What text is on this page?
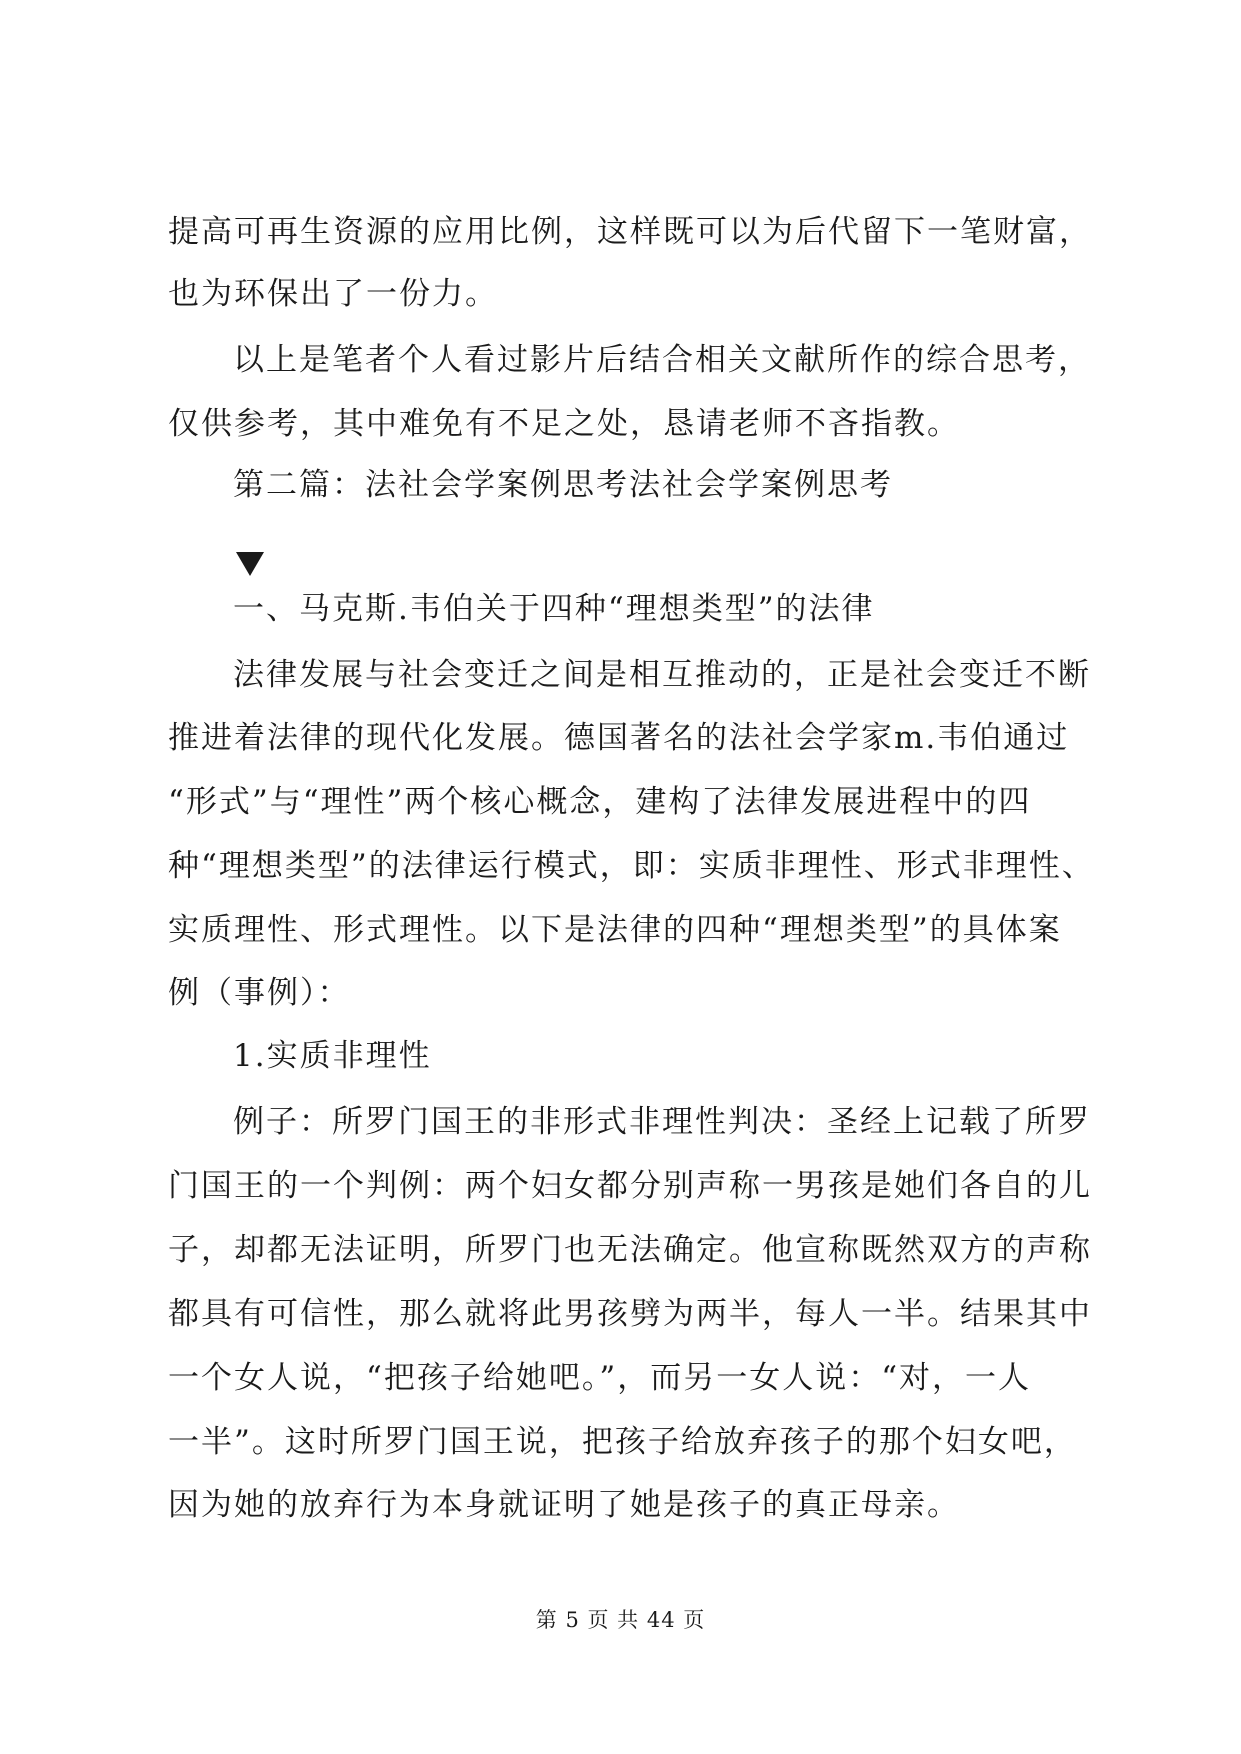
提高可再生资源的应用比例，这样既可以为后代留下一笔财富，
也为环保出了一份力。
以上是笔者个人看过影片后结合相关文献所作的综合思考，
仅供参考，其中难免有不足之处，恳请老师不吝指教。
第二篇：法社会学案例思考法社会学案例思考
一、马克斯.韦伯关于四种“理想类型”的法律
法律发展与社会变迁之间是相互推动的，正是社会变迁不断
推进着法律的现代化发展。德国著名的法社会学家m.韦伯通过
“形式”与“理性”两个核心概念，建构了法律发展进程中的四
种“理想类型”的法律运行模式，即：实质非理性、形式非理性、
实质理性、形式理性。以下是法律的四种“理想类型”的具体案
例（事例）：
1.实质非理性
例子：所罗门国王的非形式非理性判决：圣经上记载了所罗
门国王的一个判例：两个妇女都分别声称一男孩是她们各自的儿
子，却都无法证明，所罗门也无法确定。他宣称既然双方的声称
都具有可信性，那么就将此男孩劈为两半，每人一半。结果其中
一个女人说，“把孩子给她吧。”，而另一女人说：“对，一人
一半”。这时所罗门国王说，把孩子给放弃孩子的那个妇女吧，
因为她的放弃行为本身就证明了她是孩子的真正母亲。
第 5 页 共 44 页
